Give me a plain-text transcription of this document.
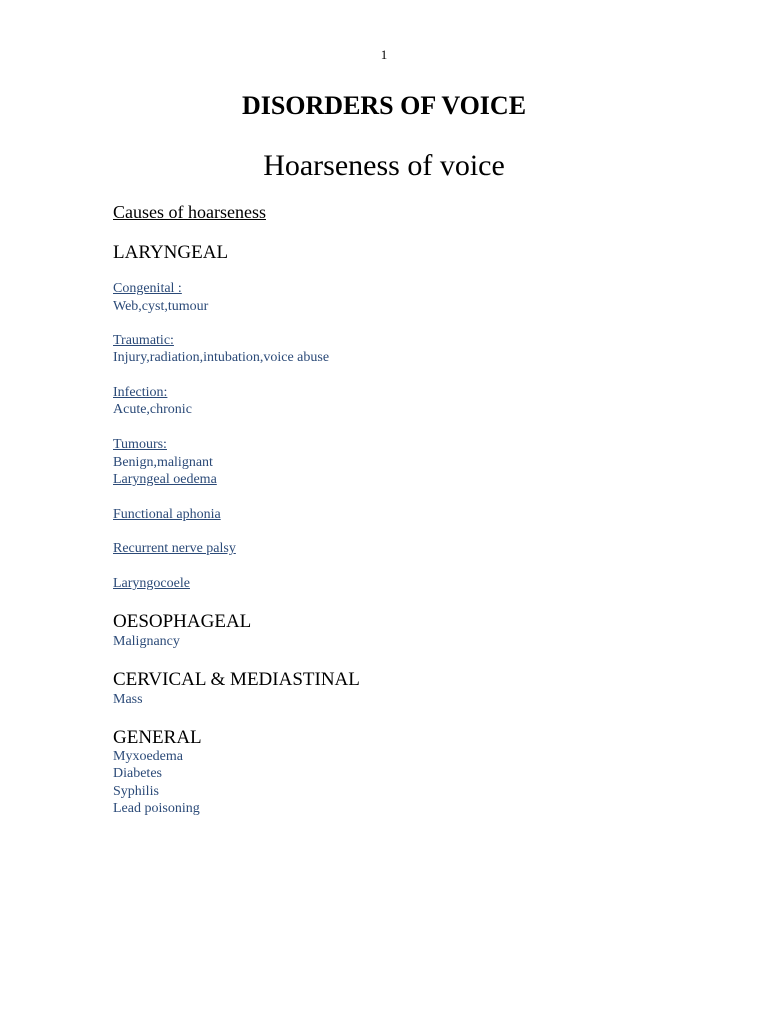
1
DISORDERS OF VOICE
Hoarseness of voice
Causes of hoarseness
LARYNGEAL
Congenital :
Web,cyst,tumour
Traumatic:
Injury,radiation,intubation,voice abuse
Infection:
Acute,chronic
Tumours:
Benign,malignant
Laryngeal oedema
Functional aphonia
Recurrent nerve palsy
Laryngocoele
OESOPHAGEAL
Malignancy
CERVICAL & MEDIASTINAL
Mass
GENERAL
Myxoedema
Diabetes
Syphilis
Lead poisoning
